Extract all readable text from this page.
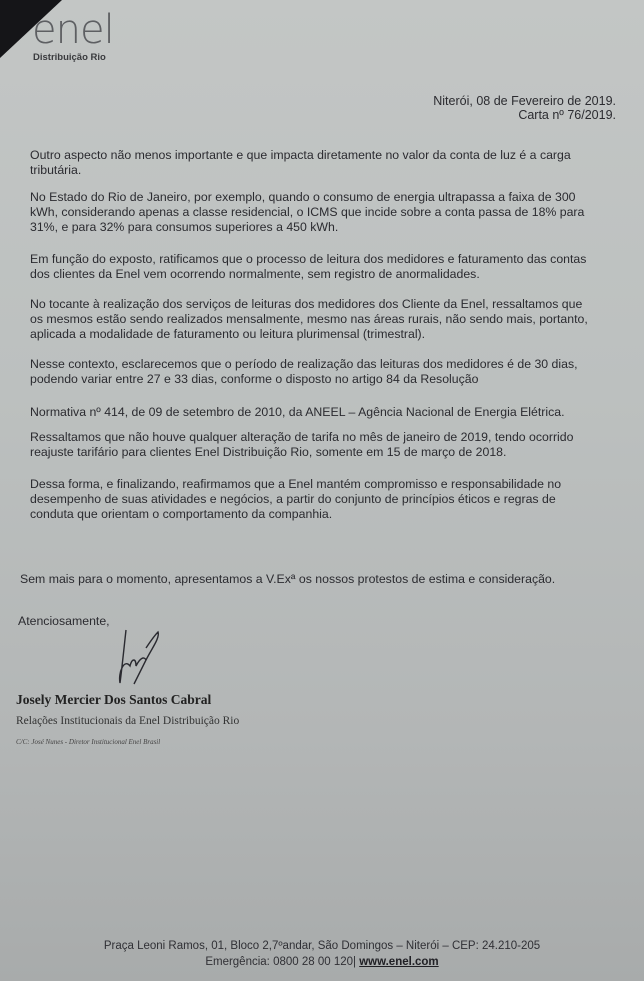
enel
Distribuição Rio
Niterói, 08 de Fevereiro de 2019.
Carta nº 76/2019.
Outro aspecto não menos importante e que impacta diretamente no valor da conta de luz é a carga
tributária.
No Estado do Rio de Janeiro, por exemplo, quando o consumo de energia ultrapassa a faixa de 300
kWh, considerando apenas a classe residencial, o ICMS que incide sobre a conta passa de 18% para
31%, e para 32% para consumos superiores a 450 kWh.
Em função do exposto, ratificamos que o processo de leitura dos medidores e faturamento das contas
dos clientes da Enel vem ocorrendo normalmente, sem registro de anormalidades.
No tocante à realização dos serviços de leituras dos medidores dos Cliente da Enel, ressaltamos que
os mesmos estão sendo realizados mensalmente, mesmo nas áreas rurais, não sendo mais, portanto,
aplicada a modalidade de faturamento ou leitura plurimensal (trimestral).
Nesse contexto, esclarecemos que o período de realização das leituras dos medidores é de 30 dias,
podendo variar entre 27 e 33 dias, conforme o disposto no artigo 84 da Resolução
Normativa nº 414, de 09 de setembro de 2010, da ANEEL – Agência Nacional de Energia Elétrica.
Ressaltamos que não houve qualquer alteração de tarifa no mês de janeiro de 2019, tendo ocorrido
reajuste tarifário para clientes Enel Distribuição Rio, somente em 15 de março de 2018.
Dessa forma, e finalizando, reafirmamos que a Enel mantém compromisso e responsabilidade no
desempenho de suas atividades e negócios, a partir do conjunto de princípios éticos e regras de
conduta que orientam o comportamento da companhia.
Sem mais para o momento, apresentamos a V.Exª os nossos protestos de estima e consideração.
Atenciosamente,
Josely Mercier Dos Santos Cabral
Relações Institucionais da Enel Distribuição Rio
C/C: José Nunes - Diretor Institucional Enel Brasil
Praça Leoni Ramos, 01, Bloco 2,7ºandar, São Domingos – Niterói – CEP: 24.210-205
Emergência: 0800 28 00 120| www.enel.com
